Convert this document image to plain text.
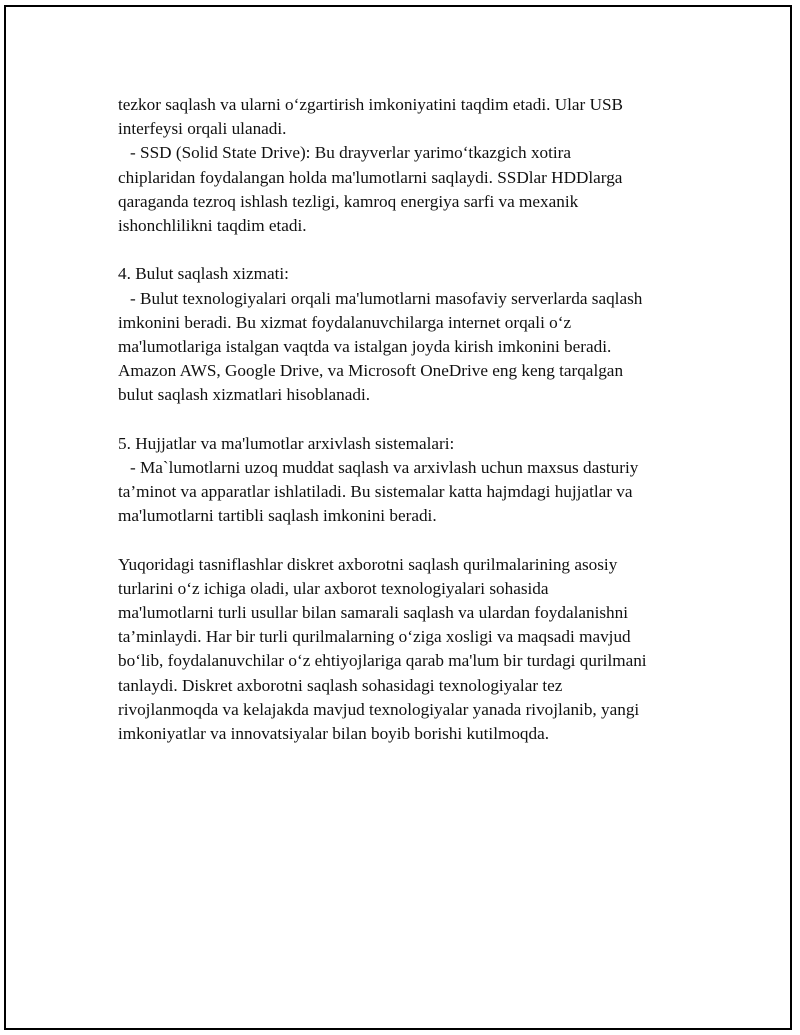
tezkor saqlash va ularni o‘zgartirish imkoniyatini taqdim etadi. Ular USB
interfeysi orqali ulanadi.
- SSD (Solid State Drive): Bu drayverlar yarimo‘tkazgich xotira
chiplaridan foydalangan holda ma'lumotlarni saqlaydi. SSDlar HDDlarga
qaraganda tezroq ishlash tezligi, kamroq energiya sarfi va mexanik
ishonchlilikni taqdim etadi.
4. Bulut saqlash xizmati:
- Bulut texnologiyalari orqali ma'lumotlarni masofaviy serverlarda saqlash
imkonini beradi. Bu xizmat foydalanuvchilarga internet orqali o‘z
ma'lumotlariga istalgan vaqtda va istalgan joyda kirish imkonini beradi.
Amazon AWS, Google Drive, va Microsoft OneDrive eng keng tarqalgan
bulut saqlash xizmatlari hisoblanadi.
5. Hujjatlar va ma'lumotlar arxivlash sistemalari:
- Ma`lumotlarni uzoq muddat saqlash va arxivlash uchun maxsus dasturiy
ta’minot va apparatlar ishlatiladi. Bu sistemalar katta hajmdagi hujjatlar va
ma'lumotlarni tartibli saqlash imkonini beradi.
Yuqoridagi tasniflashlar diskret axborotni saqlash qurilmalarining asosiy
turlarini o‘z ichiga oladi, ular axborot texnologiyalari sohasida
ma'lumotlarni turli usullar bilan samarali saqlash va ulardan foydalanishni
ta’minlaydi. Har bir turli qurilmalarning o‘ziga xosligi va maqsadi mavjud
bo‘lib, foydalanuvchilar o‘z ehtiyojlariga qarab ma'lum bir turdagi qurilmani
tanlaydi. Diskret axborotni saqlash sohasidagi texnologiyalar tez
rivojlanmoqda va kelajakda mavjud texnologiyalar yanada rivojlanib, yangi
imkoniyatlar va innovatsiyalar bilan boyib borishi kutilmoqda.
